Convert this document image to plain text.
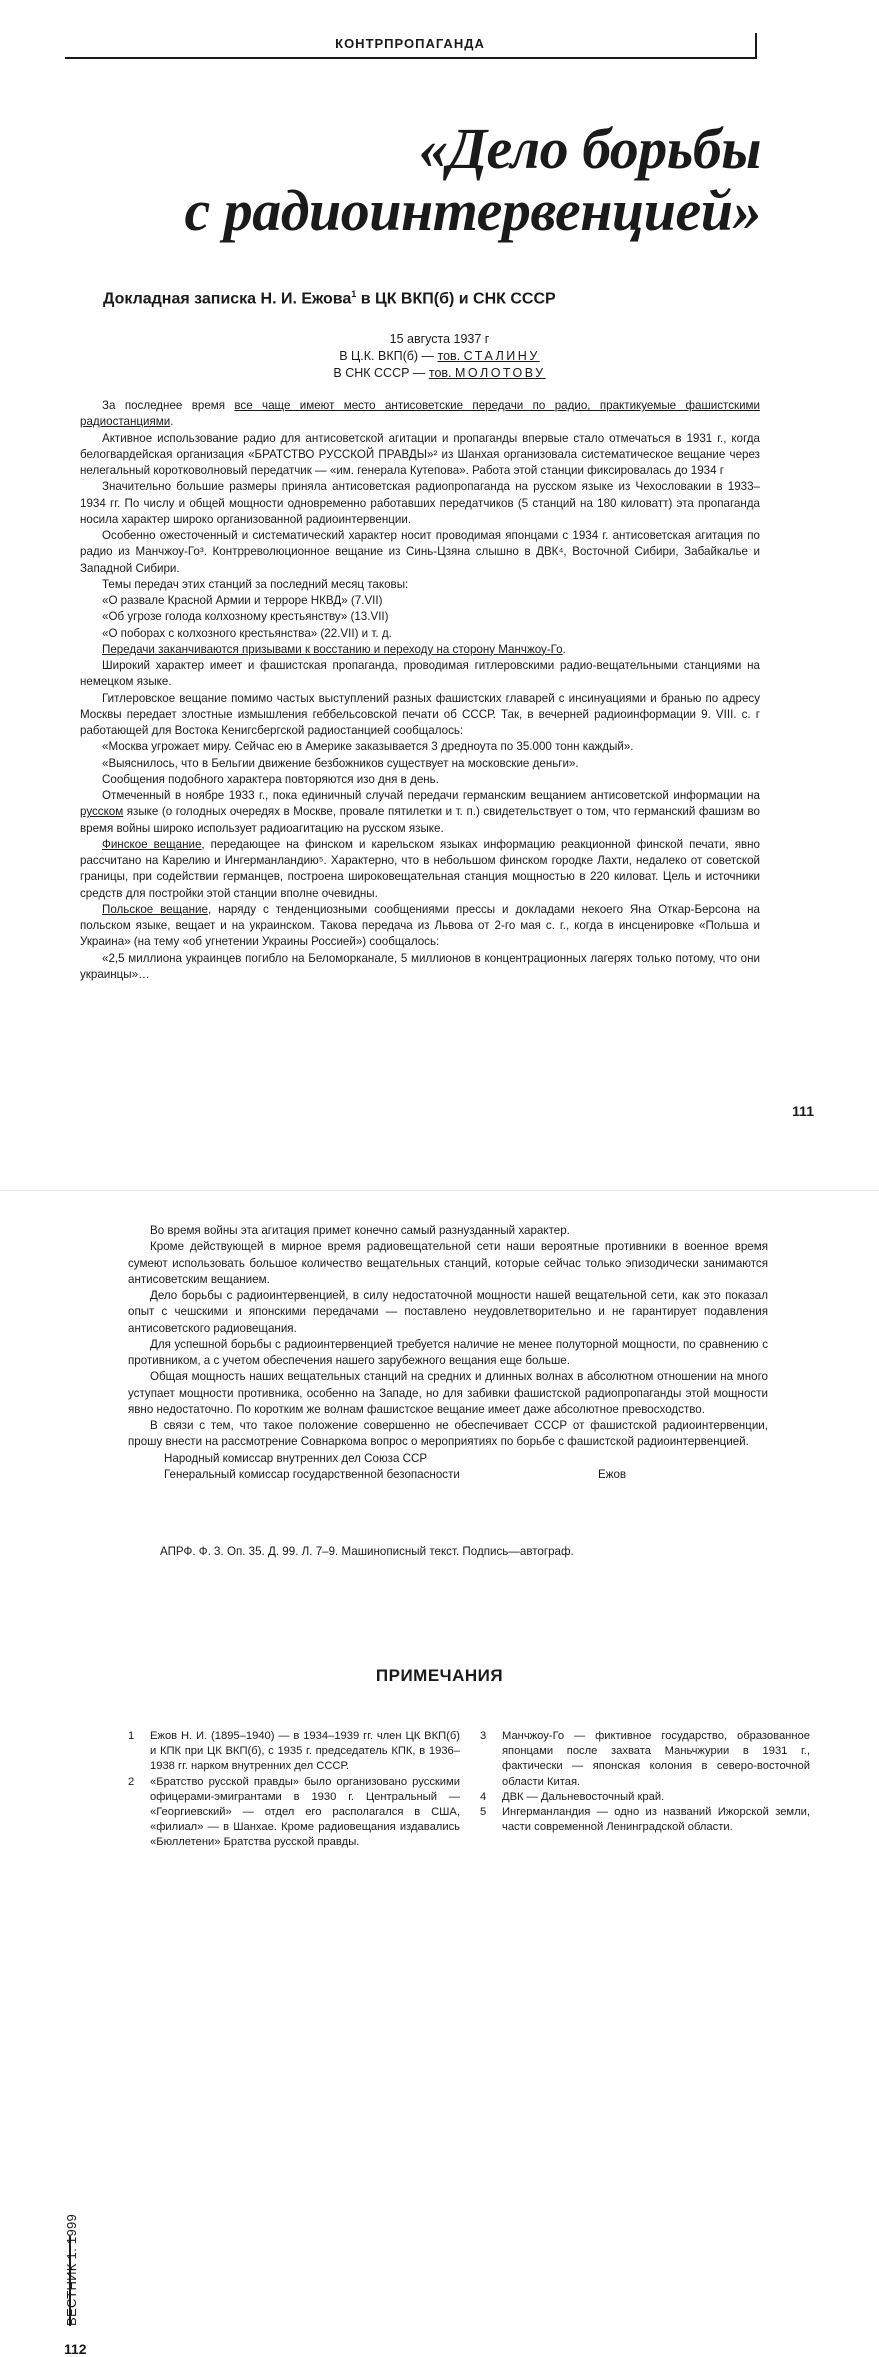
КОНТРПРОПАГАНДА
«Дело борьбы
с радиоинтервенцией»
Докладная записка Н. И. Ежова$^1$ в ЦК ВКП(б) и СНК СССР
15 августа 1937 г
В Ц.К. ВКП(б) — тов. СТАЛИНУ
В СНК СССР — тов. МОЛОТОВУ

За последнее время все чаще имеют место антисоветские передачи по радио, практикуемые фашистскими радиостанциями.

Активное использование радио для антисоветской агитации и пропаганды впервые стало отмечаться в 1931 г., когда белогвардейская организация «БРАТСТВО РУССКОЙ ПРАВДЫ»² из Шанхая организовала систематическое вещание через нелегальный коротковолновый передатчик — «им. генерала Кутепова». Работа этой станции фиксировалась до 1934 г

Значительно большие размеры приняла антисоветская радиопропаганда на русском языке из Чехословакии в 1933–1934 гг. По числу и общей мощности одновременно работавших передатчиков (5 станций на 180 киловатт) эта пропаганда носила характер широко организованной радиоинтервенции.

Особенно ожесточенный и систематический характер носит проводимая японцами с 1934 г. антисоветская агитация по радио из Манчжоу-Го³. Контрреволюционное вещание из Синь-Цзяна слышно в ДВК⁴, Восточной Сибири, Забайкалье и Западной Сибири.

Темы передач этих станций за последний месяц таковы:

«О развале Красной Армии и терроре НКВД» (7.VII)

«Об угрозе голода колхозному крестьянству» (13.VII)

«О поборах с колхозного крестьянства» (22.VII) и т. д.

Передачи заканчиваются призывами к восстанию и переходу на сторону Манчжоу-Го.

Широкий характер имеет и фашистская пропаганда, проводимая гитлеровскими радио-вещательными станциями на немецком языке.

Гитлеровское вещание помимо частых выступлений разных фашистских главарей с инсинуациями и бранью по адресу Москвы передает злостные измышления геббельсовской печати об СССР. Так, в вечерней радиоинформации 9. VIII. с. г работающей для Востока Кенигсбергской радиостанцией сообщалось:

«Москва угрожает миру. Сейчас ею в Америке заказывается 3 дредноута по 35.000 тонн каждый».

«Выяснилось, что в Бельгии движение безбожников существует на московские деньги».

Сообщения подобного характера повторяются изо дня в день.

Отмеченный в ноябре 1933 г., пока единичный случай передачи германским вещанием антисоветской информации на русском языке (о голодных очередях в Москве, провале пятилетки и т. п.) свидетельствует о том, что германский фашизм во время войны широко использует радиоагитацию на русском языке.

Финское вещание, передающее на финском и карельском языках информацию реакционной финской печати, явно рассчитано на Карелию и Ингерманландию⁵. Характерно, что в небольшом финском городке Лахти, недалеко от советской границы, при содействии германцев, построена широковещательная станция мощностью в 220 киловат. Цель и источники средств для постройки этой станции вполне очевидны.

Польское вещание, наряду с тенденциозными сообщениями прессы и докладами некоего Яна Откар-Берсона на польском языке, вещает и на украинском. Такова передача из Львова от 2-го мая с. г., когда в инсценировке «Польша и Украина» (на тему «об угнетении Украины Россией») сообщалось:

«2,5 миллиона украинцев погибло на Беломорканале, 5 миллионов в концентрационных лагерях только потому, что они украинцы»…

111

Во время войны эта агитация примет конечно самый разнузданный характер.

Кроме действующей в мирное время радиовещательной сети наши вероятные противники в военное время сумеют использовать большое количество вещательных станций, которые сейчас только эпизодически занимаются антисоветским вещанием.

Дело борьбы с радиоинтервенцией, в силу недостаточной мощности нашей вещательной сети, как это показал опыт с чешскими и японскими передачами — поставлено неудовлетворительно и не гарантирует подавления антисоветского радиовещания.

Для успешной борьбы с радиоинтервенцией требуется наличие не менее полуторной мощности, по сравнению с противником, а с учетом обеспечения нашего зарубежного вещания еще больше.

Общая мощность наших вещательных станций на средних и длинных волнах в абсолютном отношении на много уступает мощности противника, особенно на Западе, но для забивки фашистской радиопропаганды этой мощности явно недостаточно. По коротким же волнам фашистское вещание имеет даже абсолютное превосходство.

В связи с тем, что такое положение совершенно не обеспечивает СССР от фашистской радиоинтервенции, прошу внести на рассмотрение Совнаркома вопрос о мероприятиях по борьбе с фашистской радиоинтервенцией.

Народный комиссар внутренних дел Союза ССР

Генеральный комиссар государственной безопасности	Ежов

АПРФ. Ф. 3. Оп. 35. Д. 99. Л. 7–9. Машинописный текст. Подпись—автограф.
ПРИМЕЧАНИЯ

1	Ежов Н. И. (1895–1940) — в 1934–1939 гг. член ЦК ВКП(б) и КПК при ЦК ВКП(б), с 1935 г. председатель КПК, в 1936–1938 гг. нарком внутренних дел СССР.

2	«Братство русской правды» было организовано русскими офицерами-эмигрантами в 1930 г. Центральный — «Георгиевский» — отдел его располагался в США, «филиал» — в Шанхае. Кроме радиовещания издавались «Бюллетени» Братства русской правды.

3	Манчжоу-Го — фиктивное государство, образованное японцами после захвата Маньчжурии в 1931 г., фактически — японская колония в северо-восточной области Китая.

4	ДВК — Дальневосточный край.

5	Ингерманландия — одно из названий Ижорской земли, части современной Ленинградской области.

ВЕСТНИК 1. 1999
112
